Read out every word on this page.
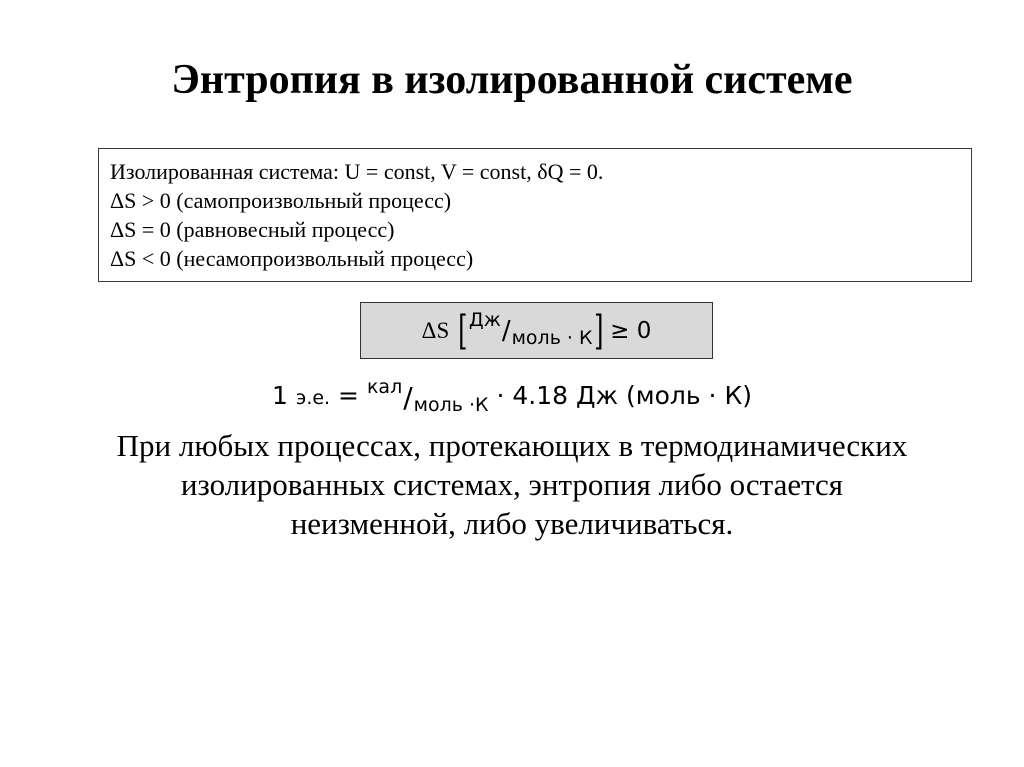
Энтропия в изолированной системе
Изолированная система: U = const, V = const, δQ = 0.
ΔS > 0 (самопроизвольный процесс)
ΔS = 0 (равновесный процесс)
ΔS < 0 (несамопроизвольный процесс)
ΔS [ Дж / моль · К ] ≥ 0
1 э.е. = кал / моль ·К · 4.18 Дж (моль · К)
При любых процессах, протекающих в термодинамических
изолированных системах, энтропия либо остается
неизменной, либо увеличиваться.
